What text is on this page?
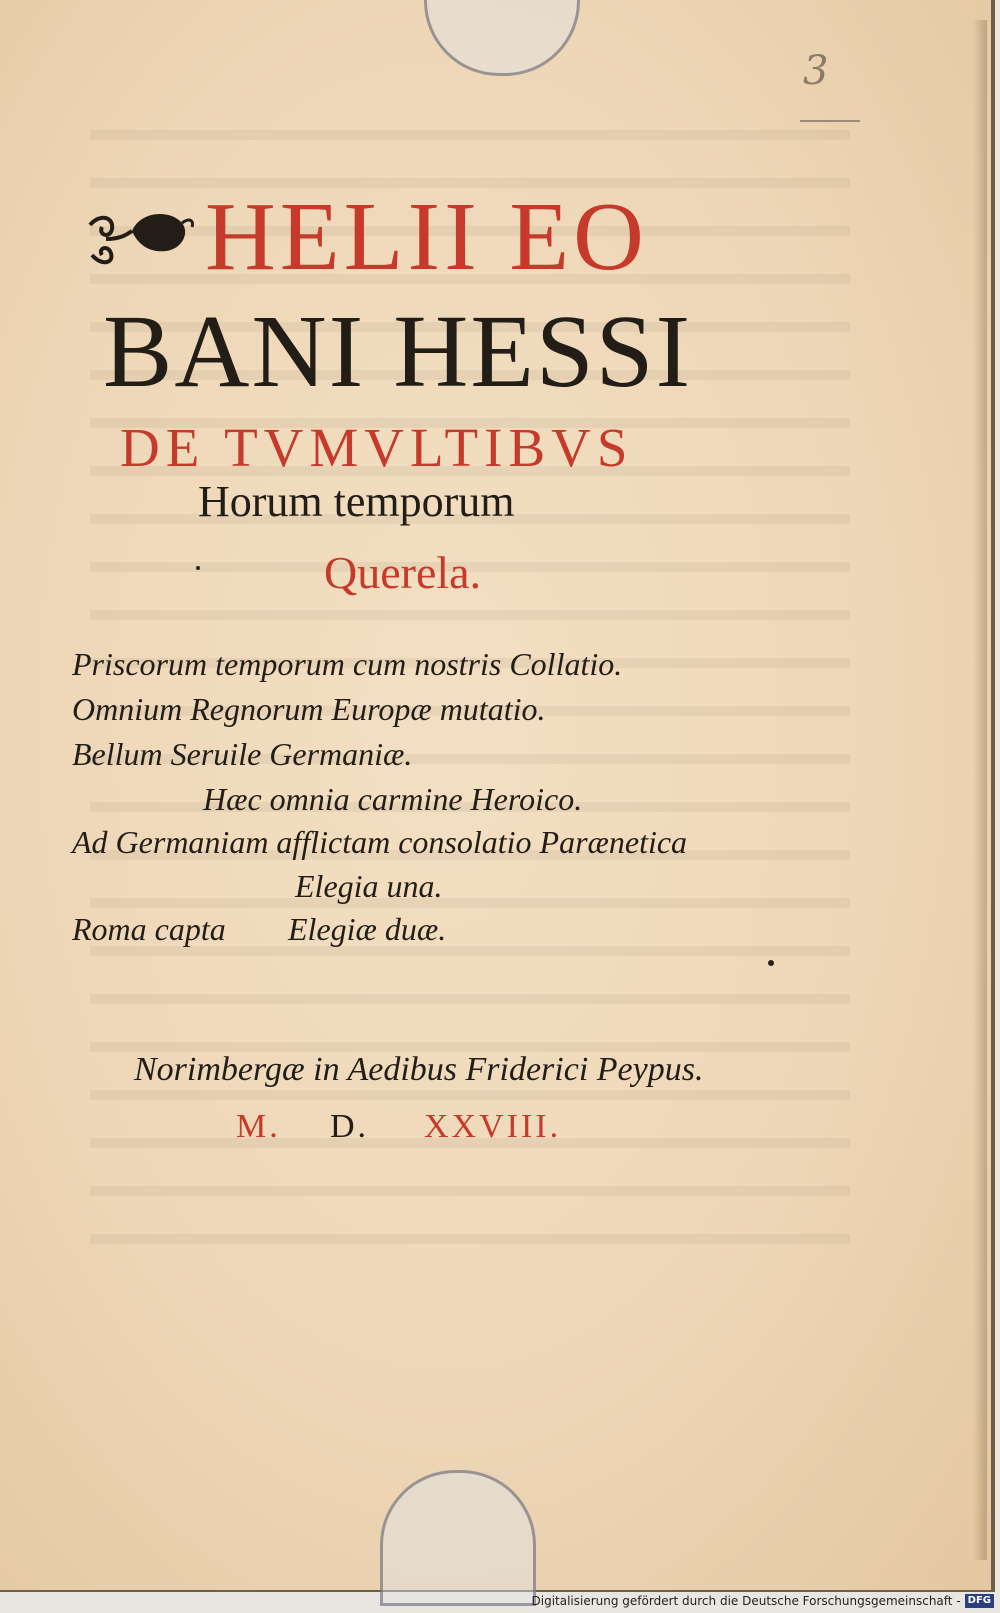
3
HELII EO
BANI HESSI
DE TVMVLTIBVS
Horum temporum
Querela.
Priscorum temporum cum nostris Collatio.
Omnium Regnorum Europæ mutatio.
Bellum Seruile Germaniæ.
Hæc omnia carmine Heroico.
Ad Germaniam afflictam consolatio Parænetica
Elegia una.
Roma capta Elegiæ duæ.
Norimbergæ in Aedibus Friderici Peypus.
M. D. XXVIII.
Digitalisierung gefördert durch die Deutsche Forschungsgemeinschaft - DFG
